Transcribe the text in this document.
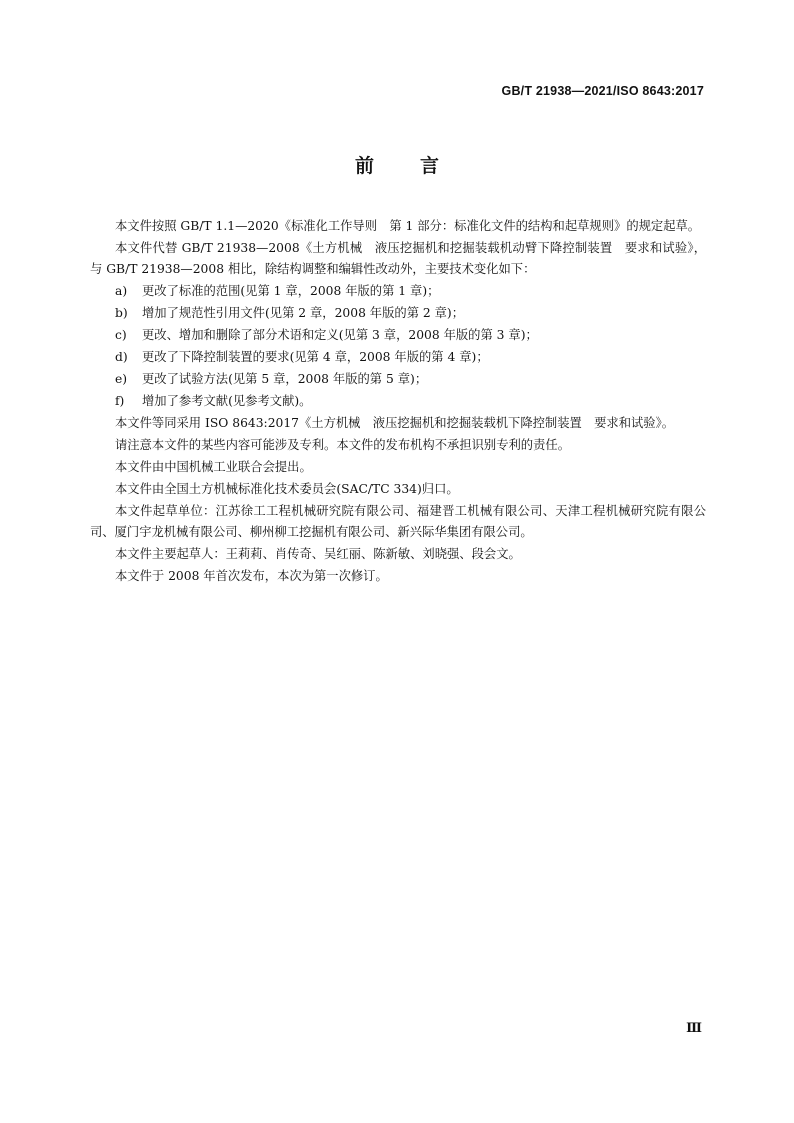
GB/T 21938—2021/ISO 8643:2017
前 言

本文件按照 GB/T 1.1—2020《标准化工作导则　第 1 部分：标准化文件的结构和起草规则》的规定起草。

本文件代替 GB/T 21938—2008《土方机械　液压挖掘机和挖掘装载机动臂下降控制装置　要求和试验》，与 GB/T 21938—2008 相比，除结构调整和编辑性改动外，主要技术变化如下：

a)	更改了标准的范围(见第 1 章，2008 年版的第 1 章)；
b)	增加了规范性引用文件(见第 2 章，2008 年版的第 2 章)；
c)	更改、增加和删除了部分术语和定义(见第 3 章，2008 年版的第 3 章)；
d)	更改了下降控制装置的要求(见第 4 章，2008 年版的第 4 章)；
e)	更改了试验方法(见第 5 章，2008 年版的第 5 章)；
f)	增加了参考文献(见参考文献)。

本文件等同采用 ISO 8643:2017《土方机械　液压挖掘机和挖掘装载机下降控制装置　要求和试验》。

请注意本文件的某些内容可能涉及专利。本文件的发布机构不承担识别专利的责任。

本文件由中国机械工业联合会提出。

本文件由全国土方机械标准化技术委员会(SAC/TC 334)归口。

本文件起草单位：江苏徐工工程机械研究院有限公司、福建晋工机械有限公司、天津工程机械研究院有限公司、厦门宇龙机械有限公司、柳州柳工挖掘机有限公司、新兴际华集团有限公司。

本文件主要起草人：王莉莉、肖传奇、吴红丽、陈新敏、刘晓强、段会文。

本文件于 2008 年首次发布，本次为第一次修订。

Ⅲ
